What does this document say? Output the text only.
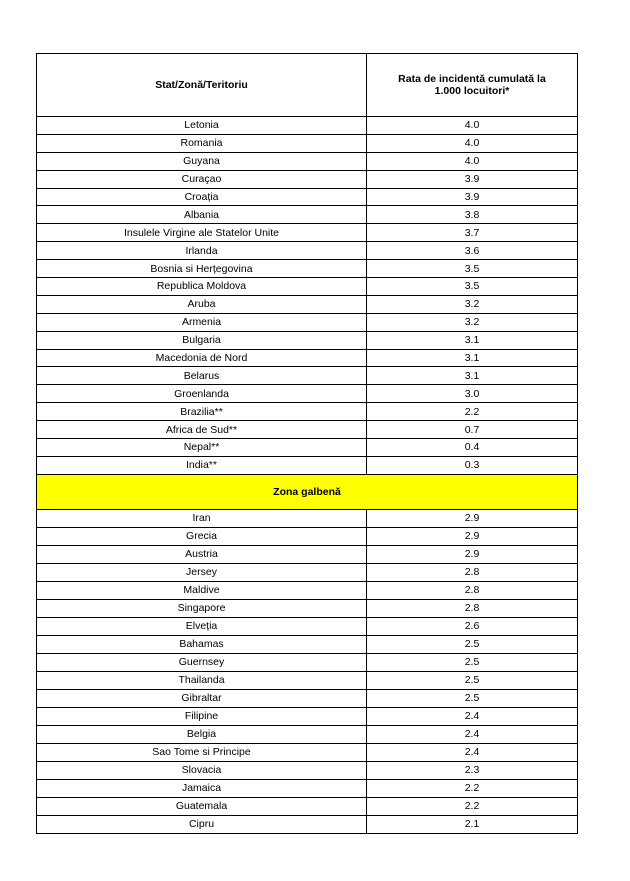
Stat/Zonă/Teritoriu	Rata de incidentă cumulată la 1.000 locuitori*
Letonia	4.0
Romania	4.0
Guyana	4.0
Curaçao	3.9
Croația	3.9
Albania	3.8
Insulele Virgine ale Statelor Unite	3.7
Irlanda	3.6
Bosnia si Herțegovina	3.5
Republica Moldova	3.5
Aruba	3.2
Armenia	3.2
Bulgaria	3.1
Macedonia de Nord	3.1
Belarus	3.1
Groenlanda	3.0
Brazilia**	2.2
Africa de Sud**	0.7
Nepal**	0.4
India**	0.3
Zona galbenă	
Iran	2.9
Grecia	2.9
Austria	2.9
Jersey	2.8
Maldive	2.8
Singapore	2.8
Elveția	2.6
Bahamas	2.5
Guernsey	2.5
Thailanda	2.5
Gibraltar	2.5
Filipine	2.4
Belgia	2.4
Sao Tome si Principe	2.4
Slovacia	2.3
Jamaica	2.2
Guatemala	2.2
Cipru	2.1
